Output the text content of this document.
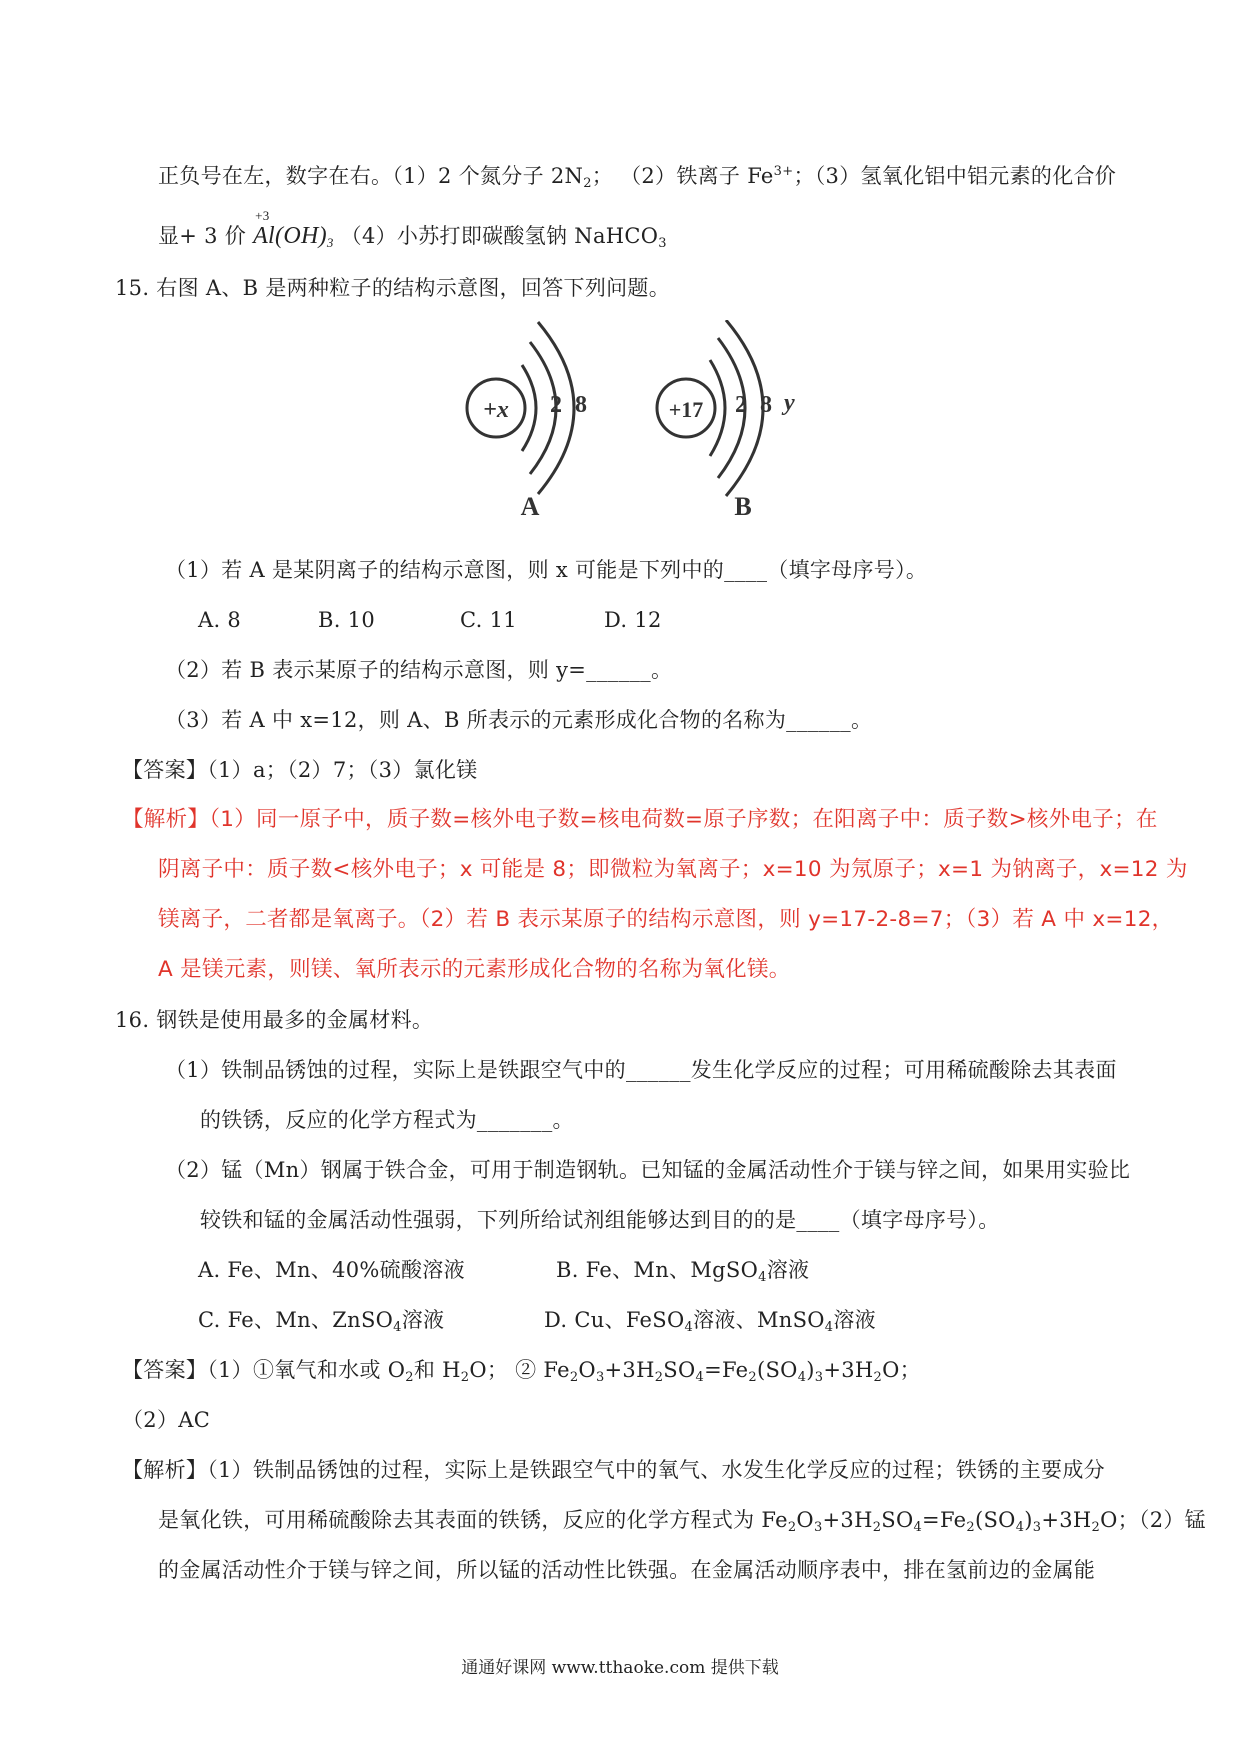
正负号在左，数字在右。（1）2 个氮分子 $2N_2$； （2）铁离子 $Fe^{3+}$；（3）氢氧化铝中铝元素的化合价
显+ 3 价
+3
$Al(OH)_3$ （4）小苏打即碳酸氢钠 NaHCO$_3$
15. 右图 A、B 是两种粒子的结构示意图，回答下列问题。
+x 2 8
A
+17 2 8 y
B
（1）若 A 是某阴离子的结构示意图，则 x 可能是下列中的____（填字母序号）。
A. 8	B. 10	C. 11	D. 12
（2）若 B 表示某原子的结构示意图，则 y=______。
（3）若 A 中 x=12，则 A、B 所表示的元素形成化合物的名称为______。
【答案】（1）a；（2）7；（3）氯化镁
【解析】（1）同一原子中，质子数=核外电子数=核电荷数=原子序数；在阳离子中：质子数>核外电子；在
阴离子中：质子数<核外电子；x 可能是 8；即微粒为氧离子；x=10 为氖原子；x=1 为钠离子，x=12 为
镁离子，二者都是氧离子。（2）若 B 表示某原子的结构示意图，则 y=17-2-8=7；（3）若 A 中 x=12，
A 是镁元素，则镁、氧所表示的元素形成化合物的名称为氧化镁。
16. 钢铁是使用最多的金属材料。
（1）铁制品锈蚀的过程，实际上是铁跟空气中的______发生化学反应的过程；可用稀硫酸除去其表面
的铁锈，反应的化学方程式为_______。
（2）锰（Mn）钢属于铁合金，可用于制造钢轨。已知锰的金属活动性介于镁与锌之间，如果用实验比
较铁和锰的金属活动性强弱，下列所给试剂组能够达到目的的是____（填字母序号）。
A. Fe、Mn、40%硫酸溶液	B. Fe、Mn、MgSO$_4$溶液
C. Fe、Mn、ZnSO$_4$溶液	D. Cu、FeSO$_4$溶液、MnSO$_4$溶液
【答案】（1）①氧气和水或 $O_2$和 $H_2O$； ② $Fe_2O_3+3H_2SO_4=Fe_2(SO_4)_3+3H_2O$；
（2）AC
【解析】（1）铁制品锈蚀的过程，实际上是铁跟空气中的氧气、水发生化学反应的过程；铁锈的主要成分
是氧化铁，可用稀硫酸除去其表面的铁锈，反应的化学方程式为 $Fe_2O_3+3H_2SO_4=Fe_2(SO_4)_3+3H_2O$；（2）锰
的金属活动性介于镁与锌之间，所以锰的活动性比铁强。在金属活动顺序表中，排在氢前边的金属能
通通好课网 www.tthaoke.com 提供下载
